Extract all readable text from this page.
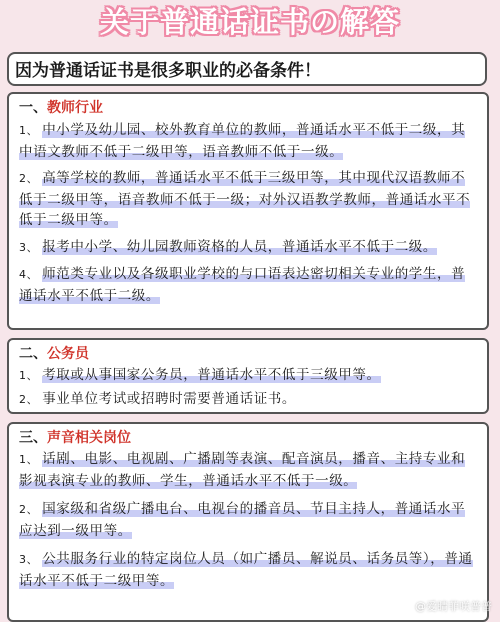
关于普通话证书の解答
因为普通话证书是很多职业的必备条件！
一、教师行业
1、 中小学及幼儿园、校外教育单位的教师，普通话水平不低于二级，其中语文教师不低于二级甲等，语音教师不低于一级。
2、 高等学校的教师，普通话水平不低于三级甲等，其中现代汉语教师不低于二级甲等，语音教师不低于一级；对外汉语教学教师，普通话水平不低于二级甲等。
3、 报考中小学、幼儿园教师资格的人员，普通话水平不低于二级。
4、 师范类专业以及各级职业学校的与口语表达密切相关专业的学生，普通话水平不低于二级。
二、公务员
1、 考取或从事国家公务员，普通话水平不低于三级甲等。
2、 事业单位考试或招聘时需要普通话证书。
三、声音相关岗位
1、 话剧、电影、电视剧、广播剧等表演、配音演员，播音、主持专业和影视表演专业的教师、学生，普通话水平不低于一级。
2、 国家级和省级广播电台、电视台的播音员、节目主持人，普通话水平应达到一级甲等。
3、 公共服务行业的特定岗位人员（如广播员、解说员、话务员等），普通话水平不低于二级甲等。
@爱睛菲咲普普
